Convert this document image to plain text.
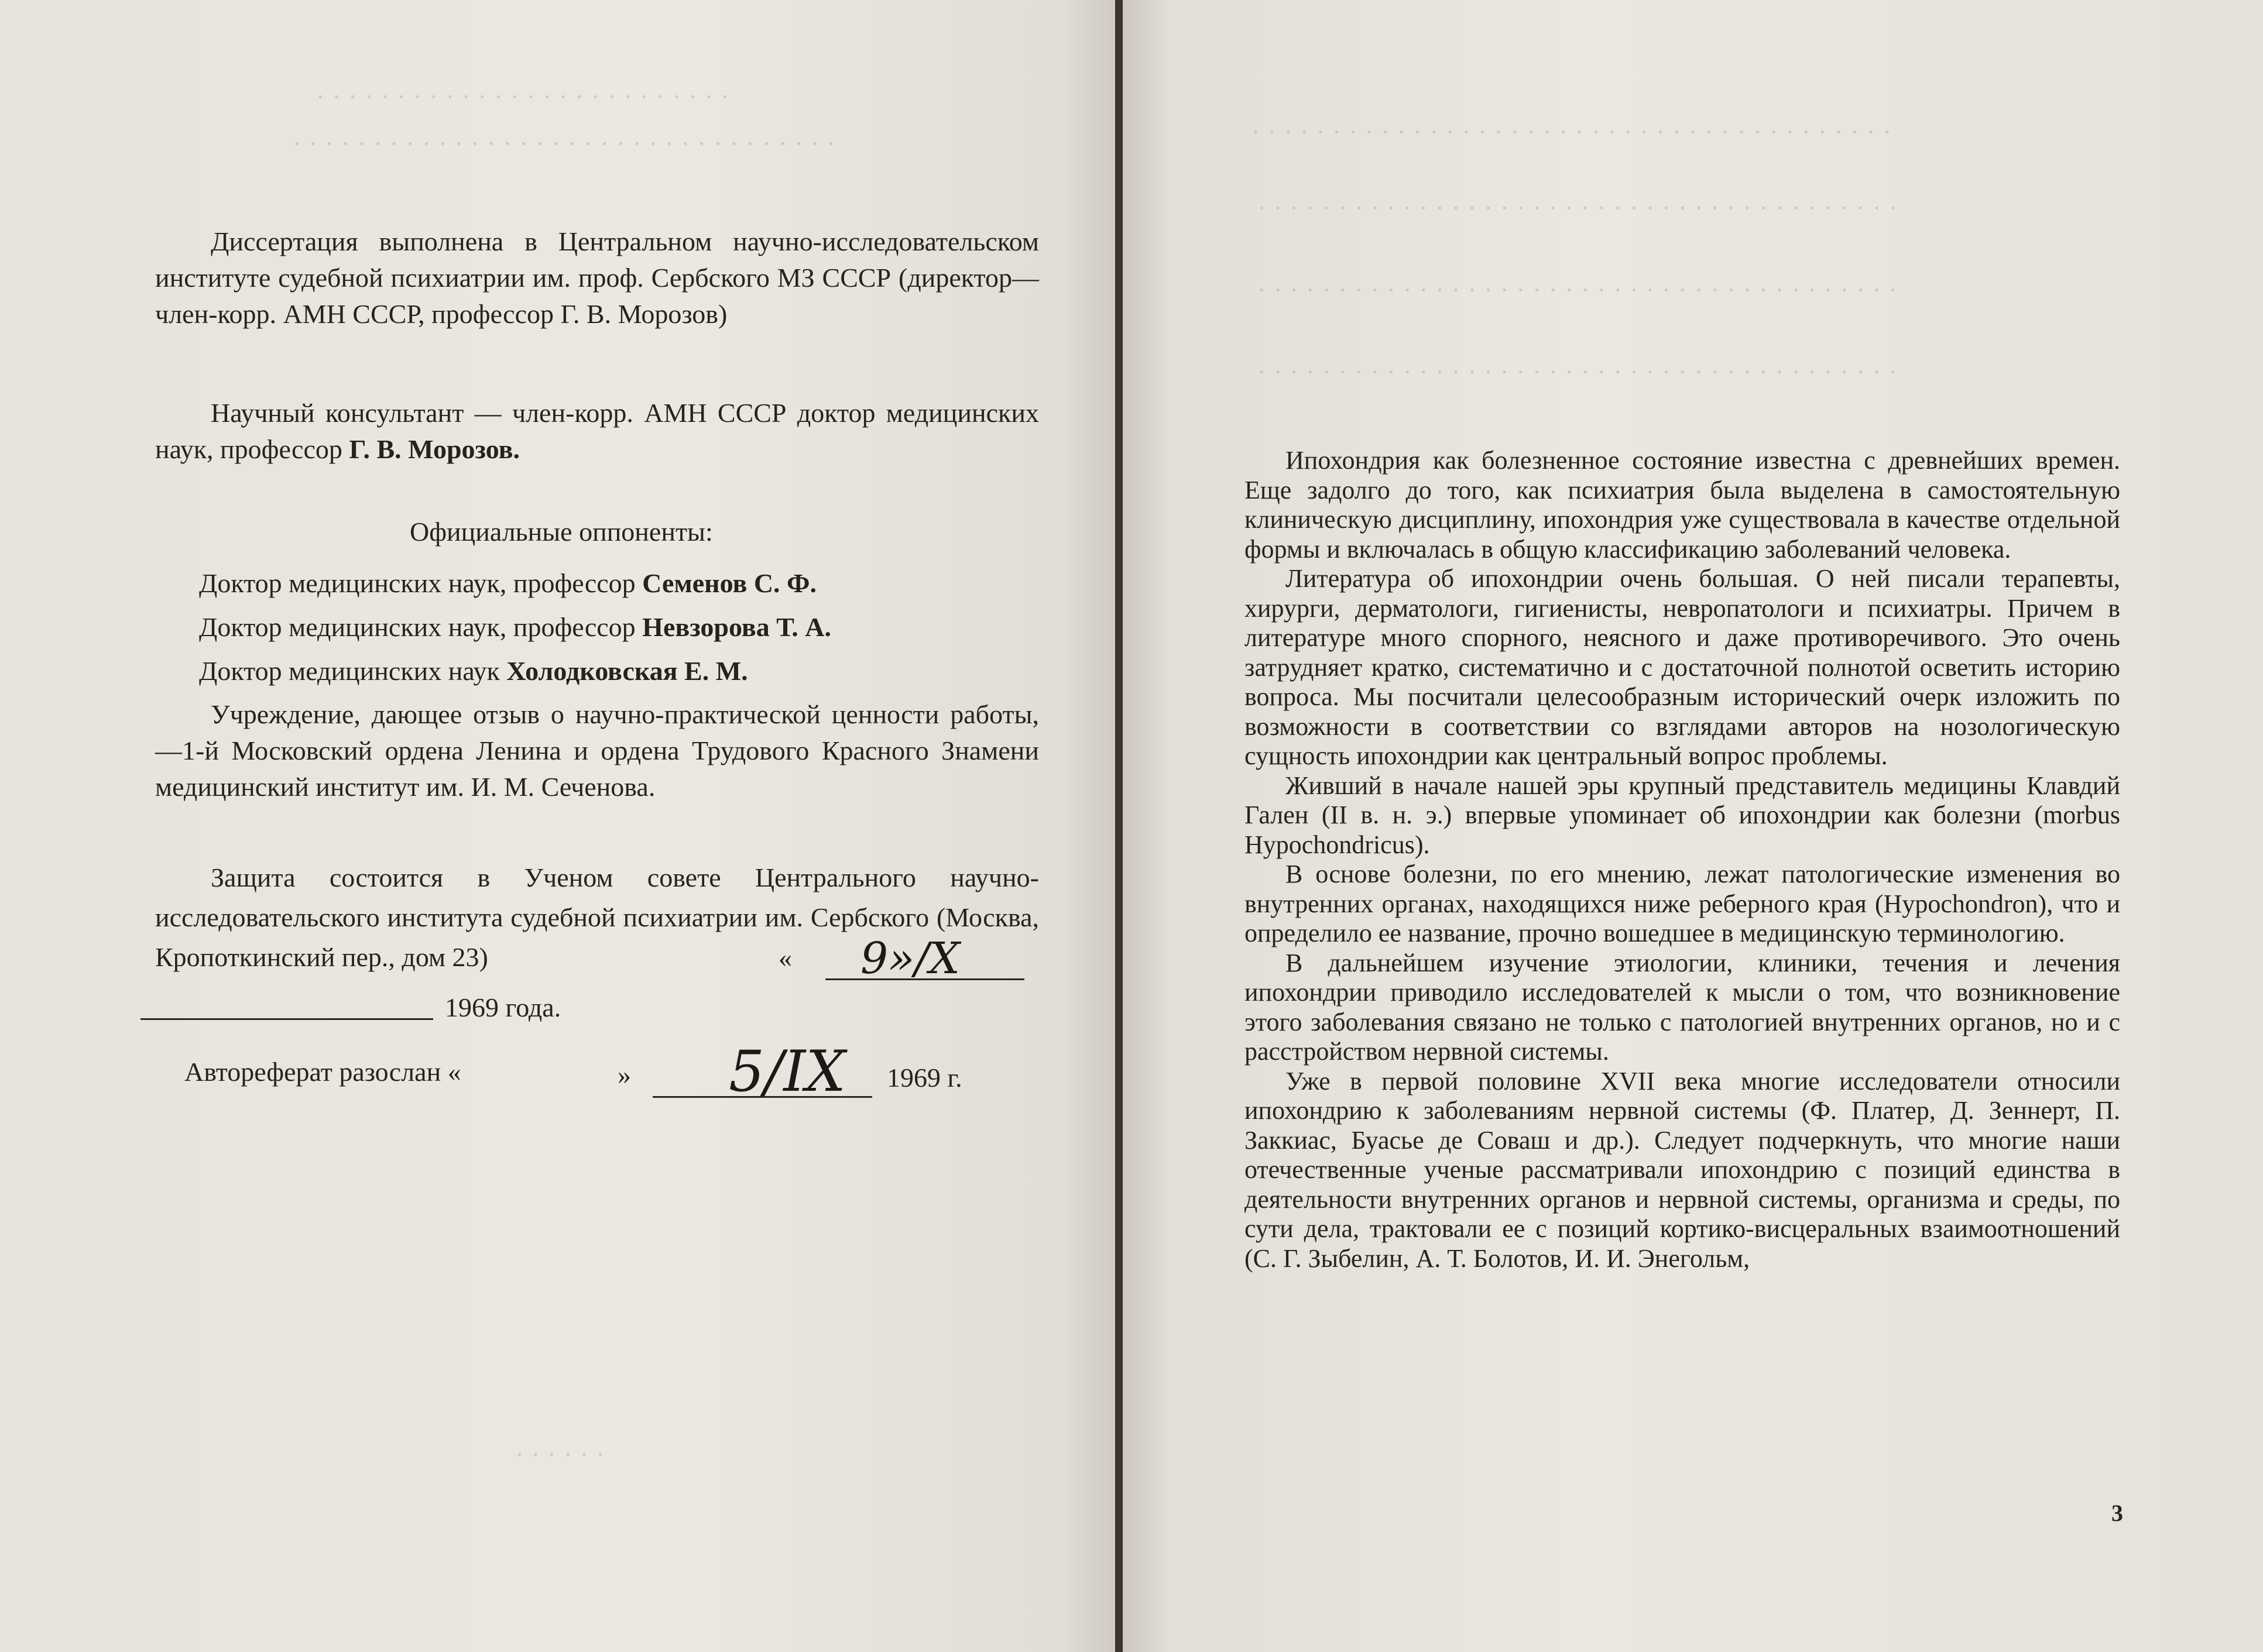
· · · · · · · · · · · · · · · · · · · · · · · · · ·
· · · · · · · · · · · · · · · · · · · · · · · · · · · · · · · · · ·

Диссертация выполнена в Центральном научно-исследовательском институте судебной психиатрии им. проф. Сербского МЗ СССР (директор—член-корр. АМН СССР, профессор Г. В. Морозов)

Научный консультант — член-корр. АМН СССР доктор медицинских наук, профессор Г. В. Морозов.

Официальные оппоненты:
Доктор медицинских наук, профессор Семенов С. Ф.
Доктор медицинских наук, профессор Невзорова Т. А.
Доктор медицинских наук Холодковская Е. М.

Учреждение, дающее отзыв о научно-практической ценности работы,—1-й Московский ордена Ленина и ордена Трудового Красного Знамени медицинский институт им. И. М. Сеченова.

Защита состоится в Ученом совете Центрального научно-исследовательского института судебной психиатрии им. Сербского (Москва, Кропоткинский пер., дом 23)	« 9»/X
1969 года.
Автореферат разослан «	» 5/IX 1969 г.
· · · · · ·
· · · · · · · · · · · · · · · · · · · · · · · · · · · · · · · · · · · · · · · ·
· · · · · · · · · · · · · · · · · · · · · · · · · · · · · · · · · · · · · · · ·
· · · · · · · · · · · · · · · · · · · · · · · · · · · · · · · · · · · · · · · ·
· · · · · · · · · · · · · · · · · · · · · · · · · · · · · · · · · · · · · · · ·

Ипохондрия как болезненное состояние известна с древнейших времен. Еще задолго до того, как психиатрия была выделена в самостоятельную клиническую дисциплину, ипохондрия уже существовала в качестве отдельной формы и включалась в общую классификацию заболеваний человека.

Литература об ипохондрии очень большая. О ней писали терапевты, хирурги, дерматологи, гигиенисты, невропатологи и психиатры. Причем в литературе много спорного, неясного и даже противоречивого. Это очень затрудняет кратко, систематично и с достаточной полнотой осветить историю вопроса. Мы посчитали целесообразным исторический очерк изложить по возможности в соответствии со взглядами авторов на нозологическую сущность ипохондрии как центральный вопрос проблемы.

Живший в начале нашей эры крупный представитель медицины Клавдий Гален (II в. н. э.) впервые упоминает об ипохондрии как болезни (morbus Hypochondricus).

В основе болезни, по его мнению, лежат патологические изменения во внутренних органах, находящихся ниже реберного края (Hypochondron), что и определило ее название, прочно вошедшее в медицинскую терминологию.

В дальнейшем изучение этиологии, клиники, течения и лечения ипохондрии приводило исследователей к мысли о том, что возникновение этого заболевания связано не только с патологией внутренних органов, но и с расстройством нервной системы.

Уже в первой половине XVII века многие исследователи относили ипохондрию к заболеваниям нервной системы (Ф. Платер, Д. Зеннерт, П. Заккиас, Буасье де Соваш и др.). Следует подчеркнуть, что многие наши отечественные ученые рассматривали ипохондрию с позиций единства в деятельности внутренних органов и нервной системы, организма и среды, по сути дела, трактовали ее с позиций кортико-висцеральных взаимоотношений (С. Г. Зыбелин, А. Т. Болотов, И. И. Энегольм,

3
